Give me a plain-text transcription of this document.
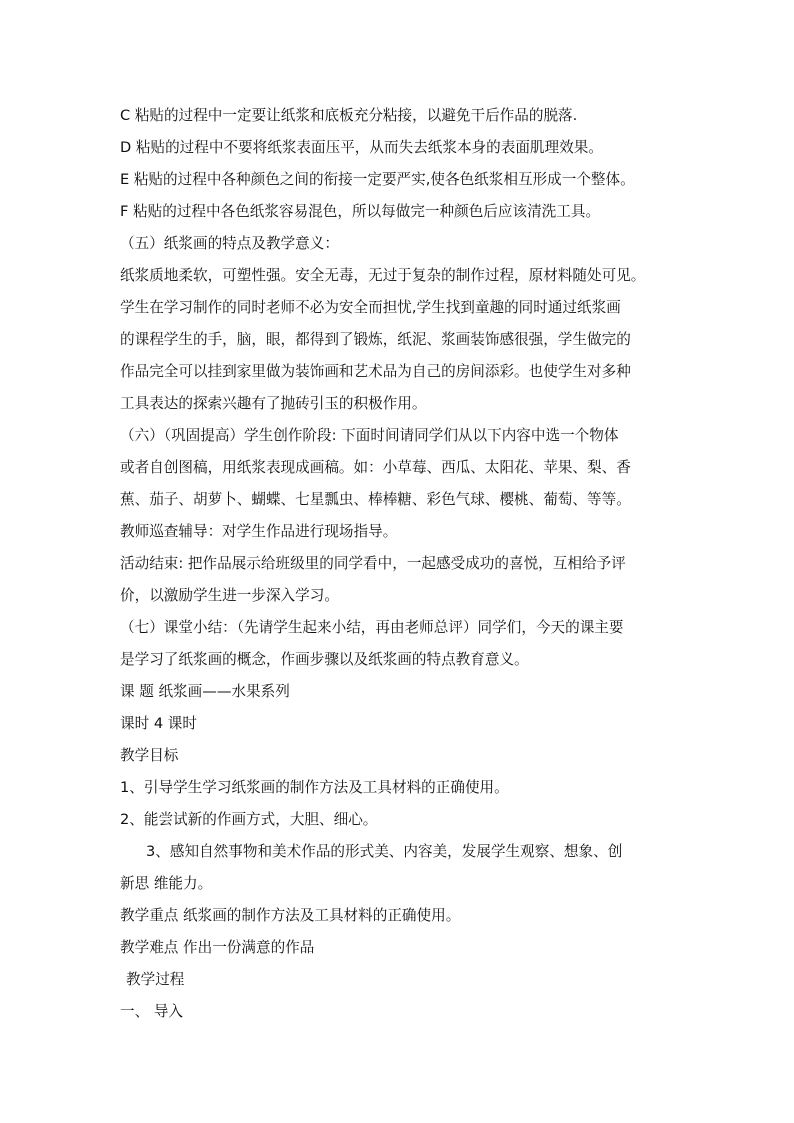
C 粘贴的过程中一定要让纸浆和底板充分粘接，以避免干后作品的脱落.
D 粘贴的过程中不要将纸浆表面压平，从而失去纸浆本身的表面肌理效果。
E 粘贴的过程中各种颜色之间的衔接一定要严实,使各色纸浆相互形成一个整体。
F 粘贴的过程中各色纸浆容易混色，所以每做完一种颜色后应该清洗工具。
（五）纸浆画的特点及教学意义：
纸浆质地柔软，可塑性强。安全无毒，无过于复杂的制作过程，原材料随处可见。
学生在学习制作的同时老师不必为安全而担忧,学生找到童趣的同时通过纸浆画
的课程学生的手，脑，眼，都得到了锻炼，纸泥、浆画装饰感很强，学生做完的
作品完全可以挂到家里做为装饰画和艺术品为自己的房间添彩。也使学生对多种
工具表达的探索兴趣有了抛砖引玉的积极作用。
（六）（巩固提高）学生创作阶段: 下面时间请同学们从以下内容中选一个物体
或者自创图稿，用纸浆表现成画稿。如：小草莓、西瓜、太阳花、苹果、梨、香
蕉、茄子、胡萝卜、蝴蝶、七星瓢虫、棒棒糖、彩色气球、樱桃、葡萄、等等。
教师巡查辅导：对学生作品进行现场指导。
活动结束: 把作品展示给班级里的同学看中，一起感受成功的喜悦，互相给予评
价，以激励学生进一步深入学习。
（七）课堂小结：（先请学生起来小结，再由老师总评）同学们，今天的课主要
是学习了纸浆画的概念，作画步骤以及纸浆画的特点教育意义。
课 题 纸浆画——水果系列
课时 4 课时
教学目标
1、引导学生学习纸浆画的制作方法及工具材料的正确使用。
2、能尝试新的作画方式，大胆、细心。
3、感知自然事物和美术作品的形式美、内容美，发展学生观察、想象、创
新思 维能力。
教学重点 纸浆画的制作方法及工具材料的正确使用。
教学难点 作出一份满意的作品
教学过程
一、 导入
